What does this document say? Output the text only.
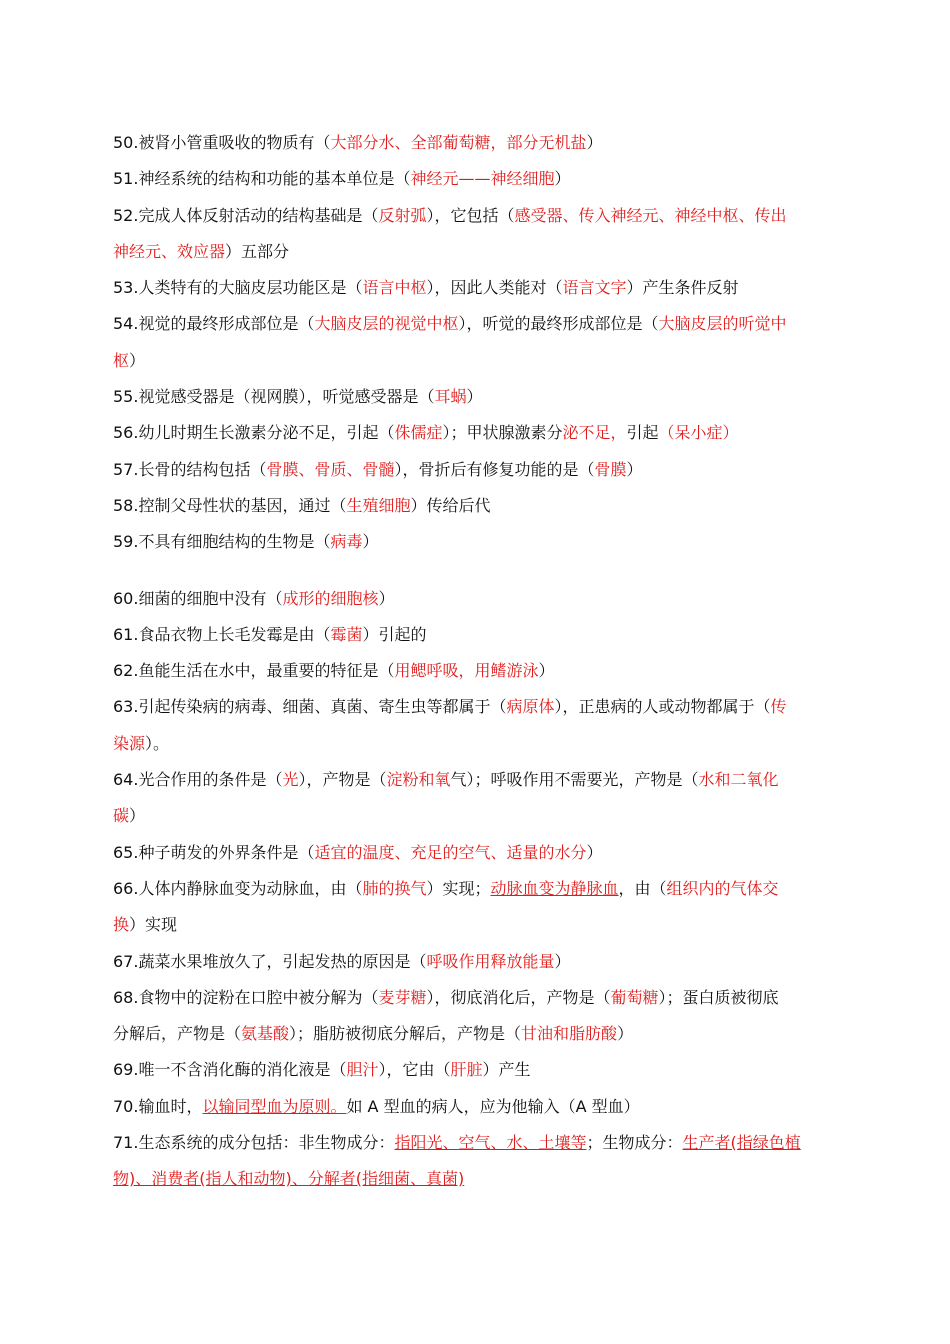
50.被肾小管重吸收的物质有（大部分水、全部葡萄糖，部分无机盐）
51.神经系统的结构和功能的基本单位是（神经元——神经细胞）
52.完成人体反射活动的结构基础是（反射弧），它包括（感受器、传入神经元、神经中枢、传出
神经元、效应器）五部分
53.人类特有的大脑皮层功能区是（语言中枢），因此人类能对（语言文字）产生条件反射
54.视觉的最终形成部位是（大脑皮层的视觉中枢），听觉的最终形成部位是（大脑皮层的听觉中
枢）
55.视觉感受器是（视网膜），听觉感受器是（耳蜗）
56.幼儿时期生长激素分泌不足，引起（侏儒症）；甲状腺激素分泌不足，引起（呆小症）
57.长骨的结构包括（骨膜、骨质、骨髓），骨折后有修复功能的是（骨膜）
58.控制父母性状的基因，通过（生殖细胞）传给后代
59.不具有细胞结构的生物是（病毒）
60.细菌的细胞中没有（成形的细胞核）
61.食品衣物上长毛发霉是由（霉菌）引起的
62.鱼能生活在水中，最重要的特征是（用鳃呼吸，用鳍游泳）
63.引起传染病的病毒、细菌、真菌、寄生虫等都属于（病原体），正患病的人或动物都属于（传
染源）。
64.光合作用的条件是（光），产物是（淀粉和氧气）；呼吸作用不需要光，产物是（水和二氧化
碳）
65.种子萌发的外界条件是（适宜的温度、充足的空气、适量的水分）
66.人体内静脉血变为动脉血，由（肺的换气）实现；动脉血变为静脉血，由（组织内的气体交
换）实现
67.蔬菜水果堆放久了，引起发热的原因是（呼吸作用释放能量）
68.食物中的淀粉在口腔中被分解为（麦芽糖），彻底消化后，产物是（葡萄糖）；蛋白质被彻底
分解后，产物是（氨基酸）；脂肪被彻底分解后，产物是（甘油和脂肪酸）
69.唯一不含消化酶的消化液是（胆汁），它由（肝脏）产生
70.输血时，以输同型血为原则。如 A 型血的病人，应为他输入（A 型血）
71.生态系统的成分包括：非生物成分：指阳光、空气、水、土壤等；生物成分：生产者(指绿色植
物)、消费者(指人和动物)、分解者(指细菌、真菌)
